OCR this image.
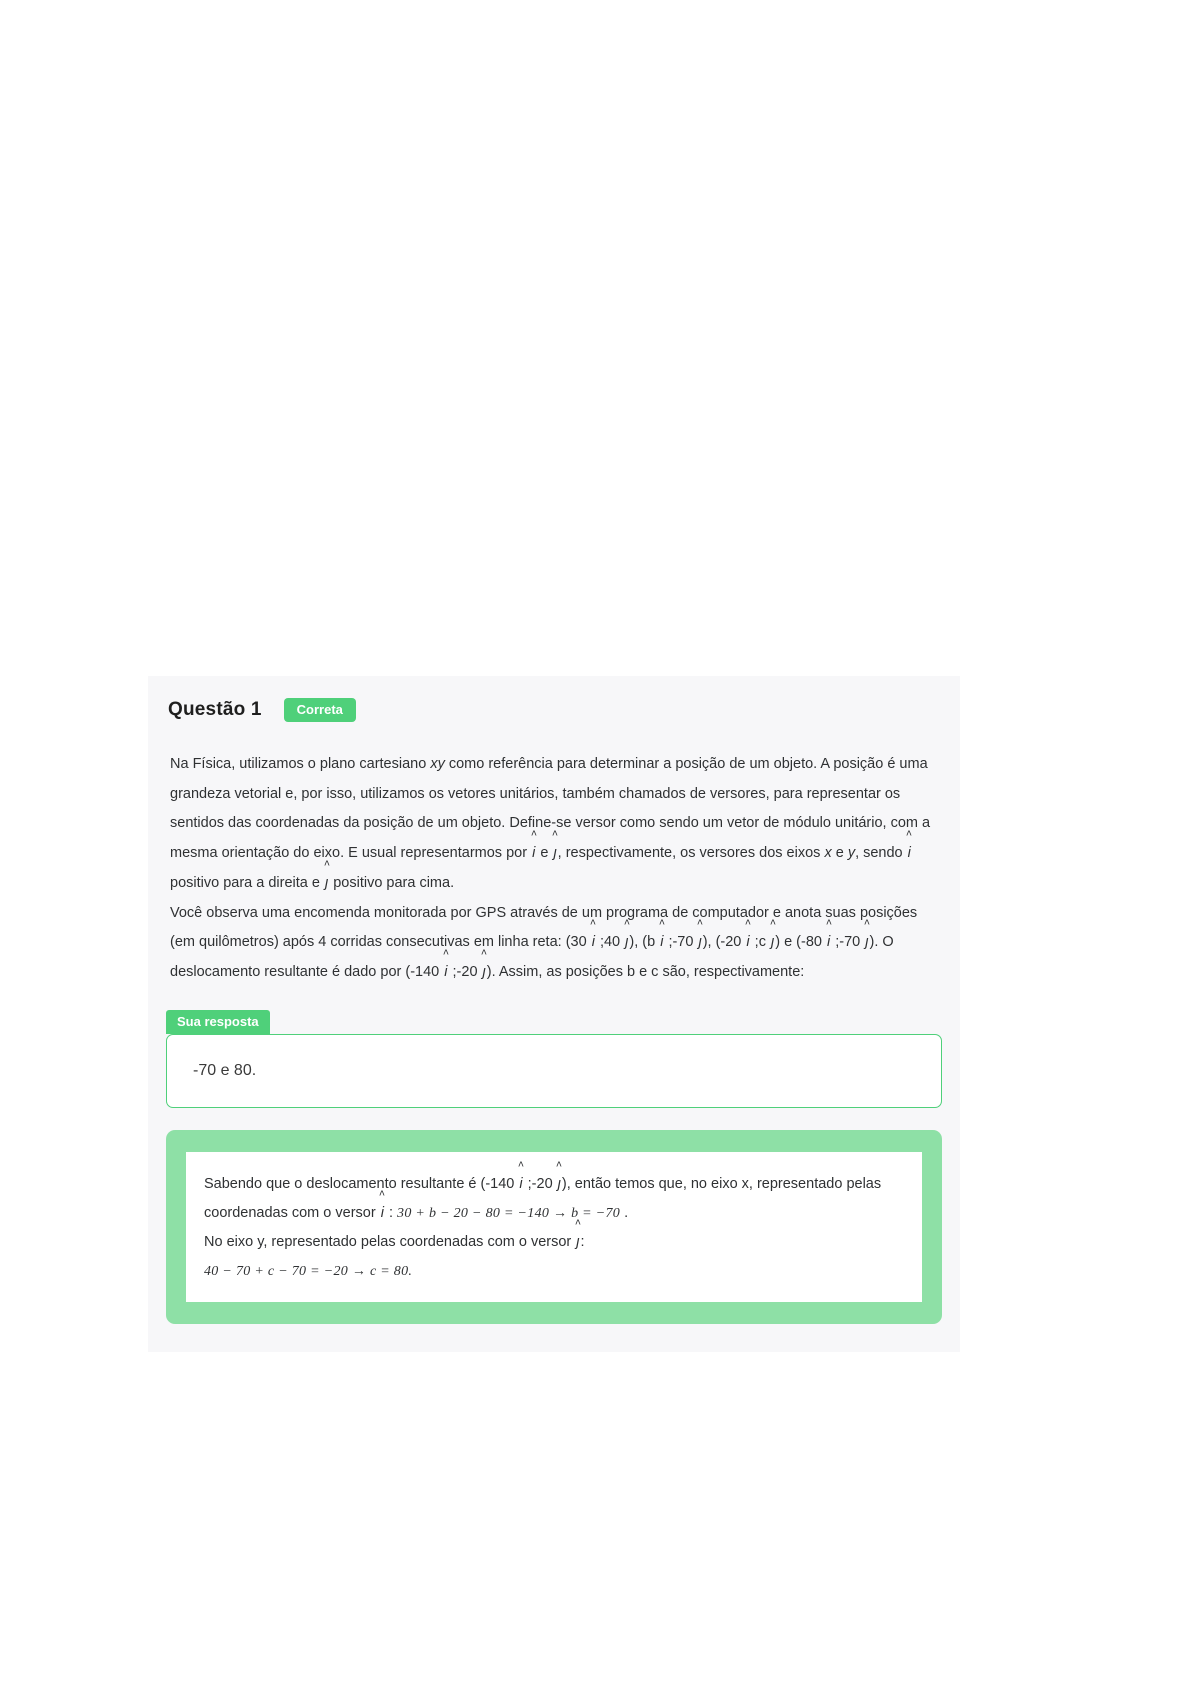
Questão 1	Correta

Na Física, utilizamos o plano cartesiano xy como referência para determinar a posição de um objeto. A posição é uma grandeza vetorial e, por isso, utilizamos os vetores unitários, também chamados de versores, para representar os sentidos das coordenadas da posição de um objeto. Define-se versor como sendo um vetor de módulo unitário, com a mesma orientação do eixo. E usual representarmos por ^ i e ^ ȷ, respectivamente, os versores dos eixos x e y, sendo ^ i positivo para a direita e ^ ȷ positivo para cima.

Você observa uma encomenda monitorada por GPS através de um programa de computador e anota suas posições (em quilômetros) após 4 corridas consecutivas em linha reta: (30 ^ i ;40 ^ ȷ), (b ^ i ;-70 ^ ȷ), (-20 ^ i ;c ^ ȷ) e (-80 ^ i ;-70 ^ ȷ). O deslocamento resultante é dado por (-140 ^ i ;-20 ^ ȷ). Assim, as posições b e c são, respectivamente:

Sua resposta
-70 e 80.

Sabendo que o deslocamento resultante é (-140 ^ i ;-20 ^ ȷ), então temos que, no eixo x, representado pelas coordenadas com o versor ^ i : 30 + b − 20 − 80 = −140 → b = −70 .

No eixo y, representado pelas coordenadas com o versor ^ ȷ:

40 − 70 + c − 70 = −20 → c = 80.
